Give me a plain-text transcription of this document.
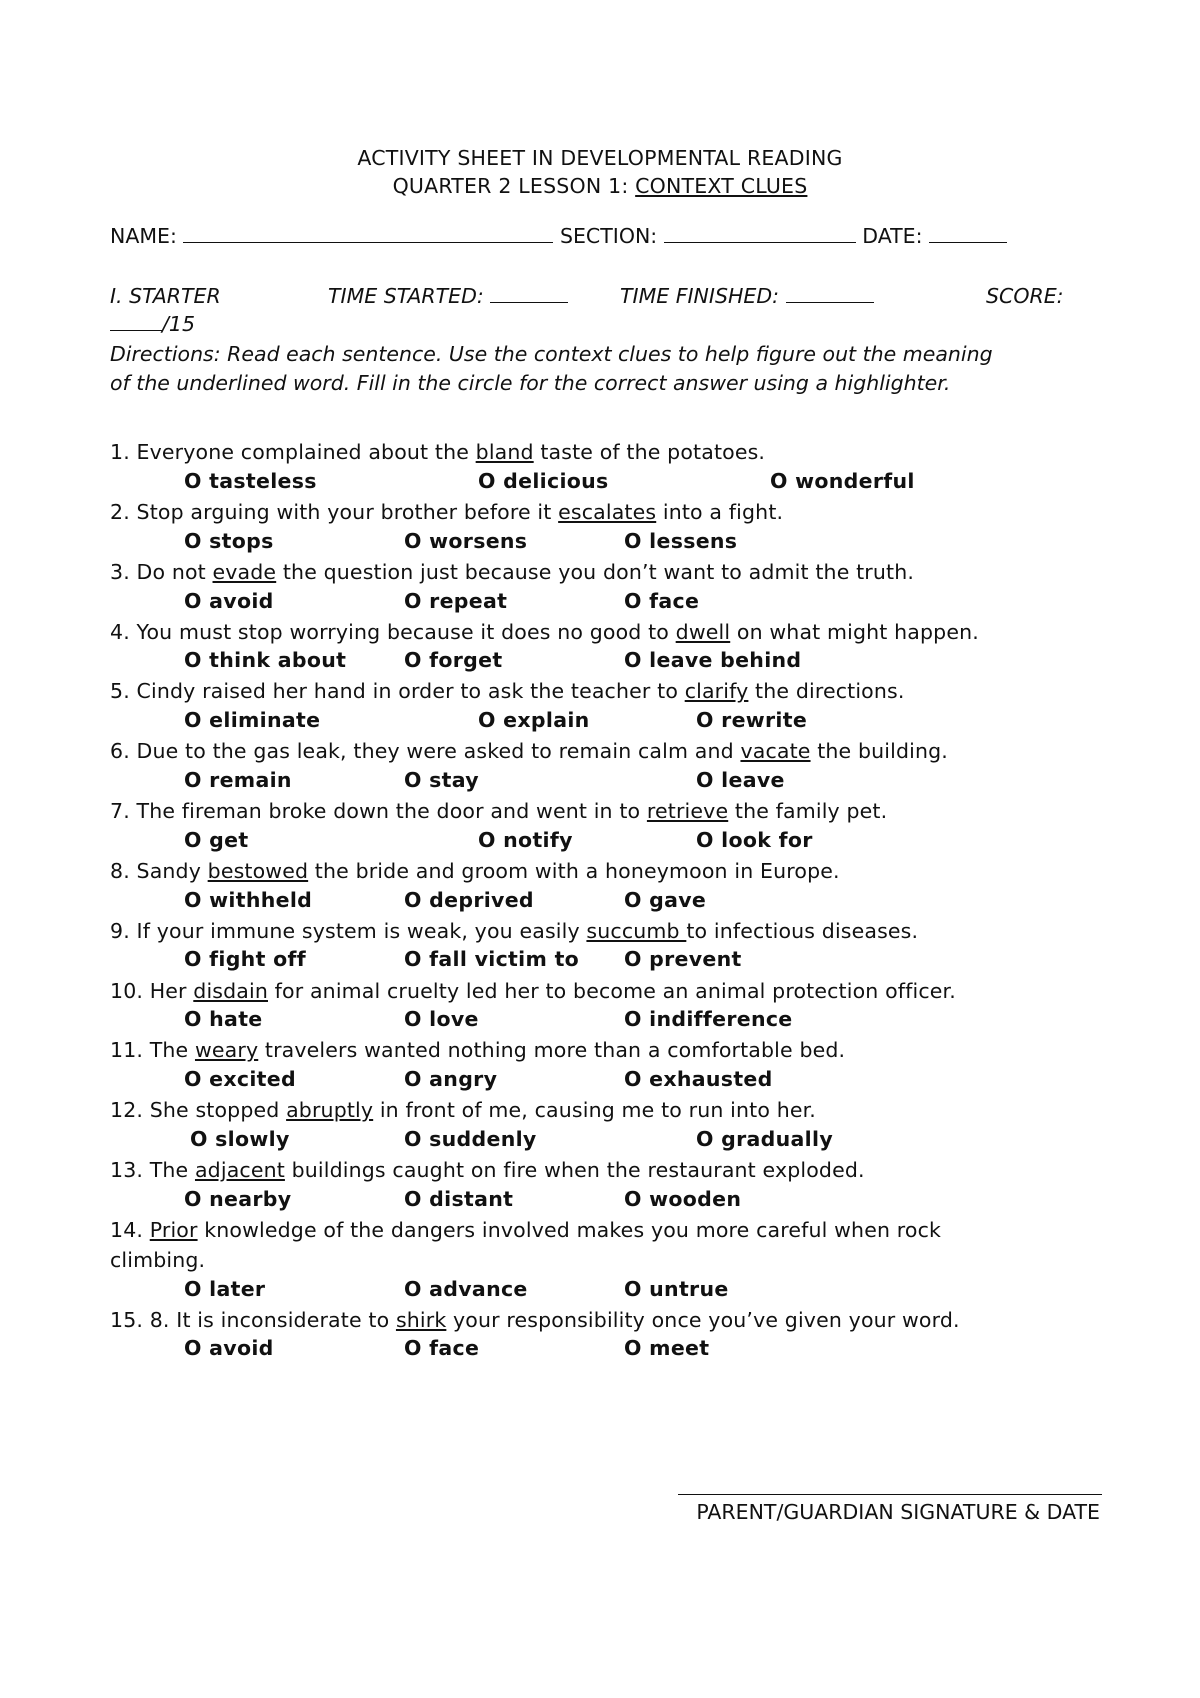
ACTIVITY SHEET IN DEVELOPMENTAL READING
QUARTER 2 LESSON 1: CONTEXT CLUES
NAME:	SECTION:	DATE:
I. STARTER	TIME STARTED:	TIME FINISHED:	SCORE:
/15
Directions: Read each sentence. Use the context clues to help figure out the meaning
of the underlined word. Fill in the circle for the correct answer using a highlighter.
1. Everyone complained about the bland taste of the potatoes.
O tasteless	O delicious	O wonderful
2. Stop arguing with your brother before it escalates into a fight.
O stops	O worsens	O lessens
3. Do not evade the question just because you don’t want to admit the truth.
O avoid	O repeat	O face
4. You must stop worrying because it does no good to dwell on what might happen.
O think about	O forget	O leave behind
5. Cindy raised her hand in order to ask the teacher to clarify the directions.
O eliminate	O explain	O rewrite
6. Due to the gas leak, they were asked to remain calm and vacate the building.
O remain	O stay	O leave
7. The fireman broke down the door and went in to retrieve the family pet.
O get	O notify	O look for
8. Sandy bestowed the bride and groom with a honeymoon in Europe.
O withheld	O deprived	O gave
9. If your immune system is weak, you easily succumb to infectious diseases.
O fight off	O fall victim to O prevent
10. Her disdain for animal cruelty led her to become an animal protection officer.
O hate	O love	O indifference
11. The weary travelers wanted nothing more than a comfortable bed.
O excited	O angry	O exhausted
12. She stopped abruptly in front of me, causing me to run into her.
O slowly	O suddenly	O gradually
13. The adjacent buildings caught on fire when the restaurant exploded.
O nearby	O distant	O wooden
14. Prior knowledge of the dangers involved makes you more careful when rock
climbing.
O later	O advance	O untrue
15. 8. It is inconsiderate to shirk your responsibility once you’ve given your word.
O avoid	O face	O meet
PARENT/GUARDIAN SIGNATURE & DATE
